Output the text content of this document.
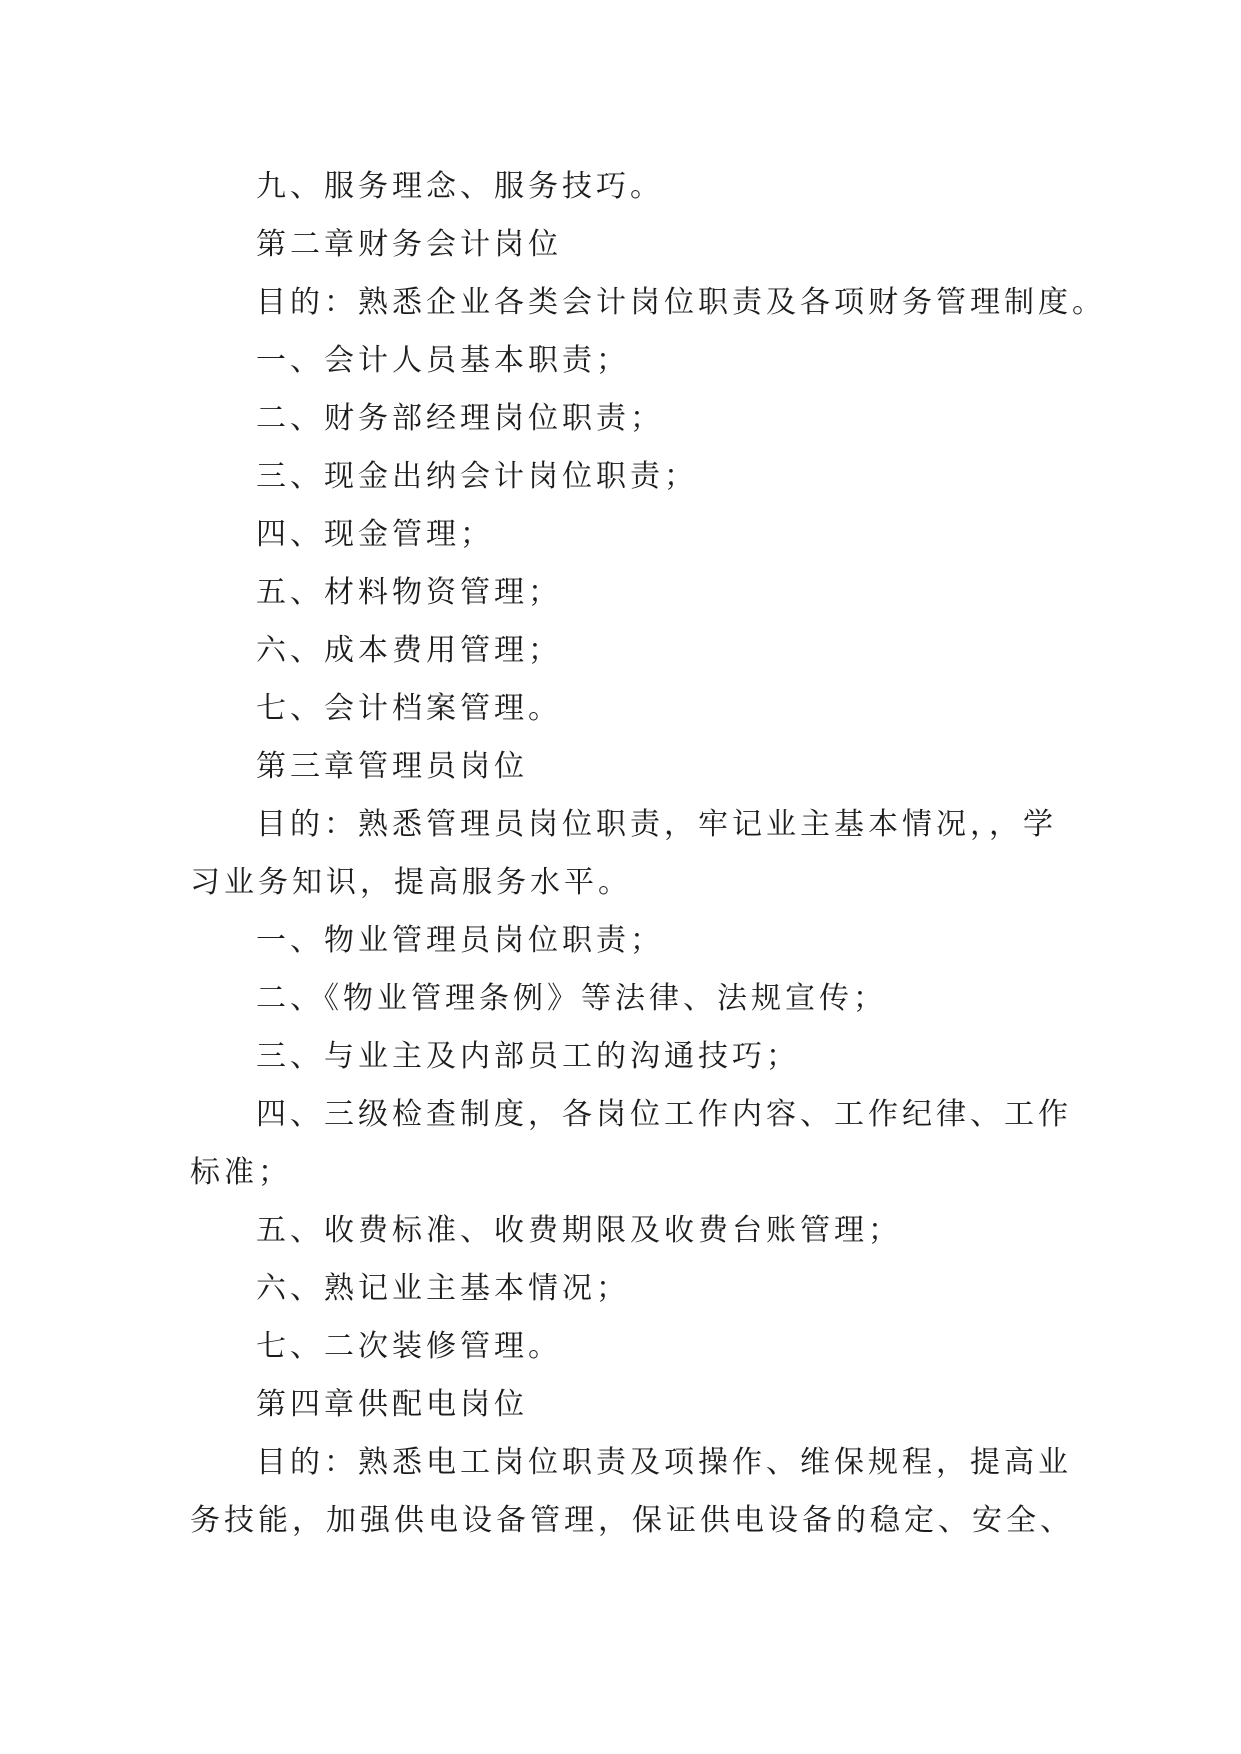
九、服务理念、服务技巧。
第二章财务会计岗位
目的：熟悉企业各类会计岗位职责及各项财务管理制度。
一、会计人员基本职责；
二、财务部经理岗位职责；
三、现金出纳会计岗位职责；
四、现金管理；
五、材料物资管理；
六、成本费用管理；
七、会计档案管理。
第三章管理员岗位
目的：熟悉管理员岗位职责，牢记业主基本情况，，学
习业务知识，提高服务水平。
一、物业管理员岗位职责；
二、《物业管理条例》等法律、法规宣传；
三、与业主及内部员工的沟通技巧；
四、三级检查制度，各岗位工作内容、工作纪律、工作
标准；
五、收费标准、收费期限及收费台账管理；
六、熟记业主基本情况；
七、二次装修管理。
第四章供配电岗位
目的：熟悉电工岗位职责及项操作、维保规程，提高业
务技能，加强供电设备管理，保证供电设备的稳定、安全、
